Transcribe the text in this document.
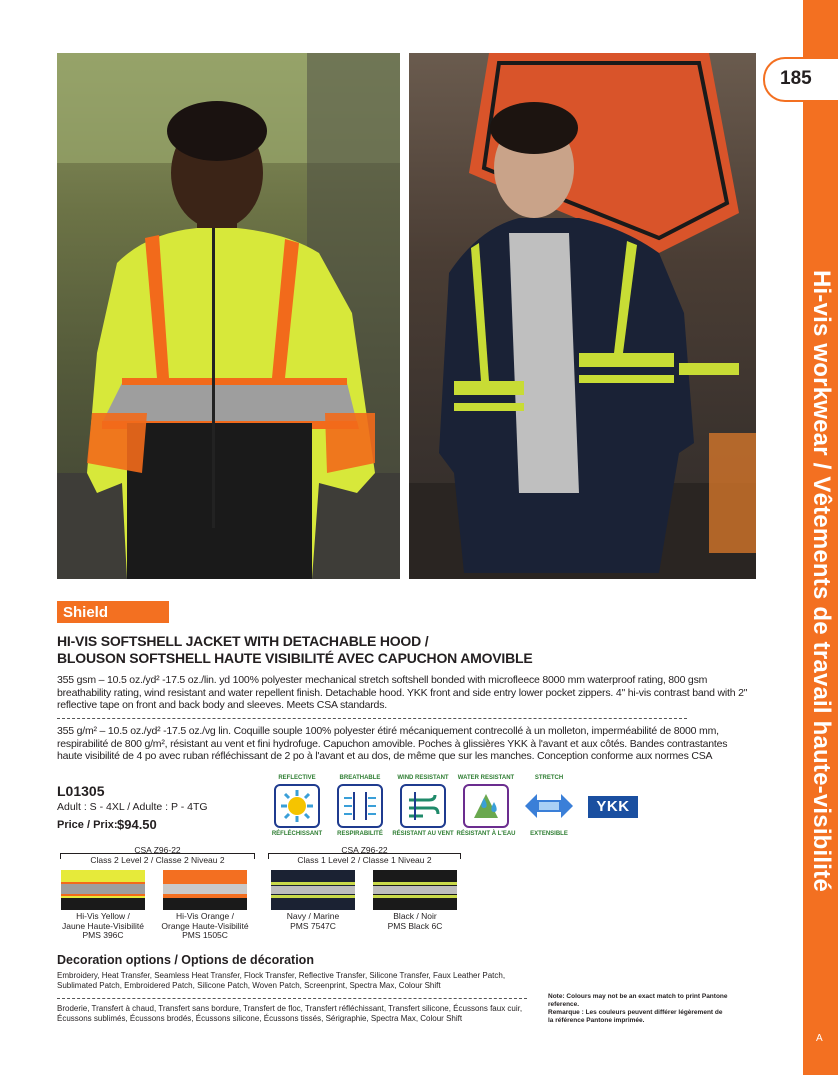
Hi-vis workwear / Vêtements de travail haute-visibilité
185
A
Shield
HI-VIS SOFTSHELL JACKET WITH DETACHABLE HOOD /
BLOUSON SOFTSHELL HAUTE VISIBILITÉ AVEC CAPUCHON AMOVIBLE
355 gsm – 10.5 oz./yd² -17.5 oz./lin. yd 100% polyester mechanical stretch softshell bonded with microfleece 8000 mm waterproof rating, 800 gsm breathability rating, wind resistant and water repellent finish. Detachable hood. YKK front and side entry lower pocket zippers. 4" hi-vis contrast band with 2" reflective tape on front and back body and sleeves. Meets CSA standards.
355 g/m² – 10.5 oz./yd² -17.5 oz./vg lin. Coquille souple 100% polyester étiré mécaniquement contrecollé à un molleton, imperméabilité de 8000 mm, respirabilité de 800 g/m², résistant au vent et fini hydrofuge. Capuchon amovible. Poches à glissières YKK à l'avant et aux côtés. Bandes contrastantes haute visibilité de 4 po avec ruban réfléchissant de 2 po à l'avant et au dos, de même que sur les manches. Conception conforme aux normes CSA
L01305
Adult : S - 4XL / Adulte : P - 4TG
Price / Prix: $94.50
REFLECTIVE
RÉFLÉCHISSANT
BREATHABLE
RESPIRABILITÉ
WIND RESISTANT
RÉSISTANT AU VENT
WATER RESISTANT
RÉSISTANT À L'EAU
STRETCH
EXTENSIBLE
YKK
CSA Z96-22
Class 2 Level 2 / Classe 2 Niveau 2
CSA Z96-22
Class 1 Level 2 / Classe 1 Niveau 2
Hi-Vis Yellow /
Jaune Haute-Visibilité
PMS 396C
Hi-Vis Orange /
Orange Haute-Visibilité
PMS 1505C
Navy / Marine
PMS 7547C
Black / Noir
PMS Black 6C
Decoration options / Options de décoration
Embroidery, Heat Transfer, Seamless Heat Transfer, Flock Transfer, Reflective Transfer, Silicone Transfer, Faux Leather Patch, Sublimated Patch, Embroidered Patch, Silicone Patch, Woven Patch, Screenprint, Spectra Max, Colour Shift
Broderie, Transfert à chaud, Transfert sans bordure, Transfert de floc, Transfert réfléchissant, Transfert silicone, Écussons faux cuir, Écussons sublimés, Écussons brodés, Écussons silicone, Écussons tissés, Sérigraphie, Spectra Max, Colour Shift
Note: Colours may not be an exact match to print Pantone reference.
Remarque : Les couleurs peuvent différer légèrement de la référence Pantone imprimée.
